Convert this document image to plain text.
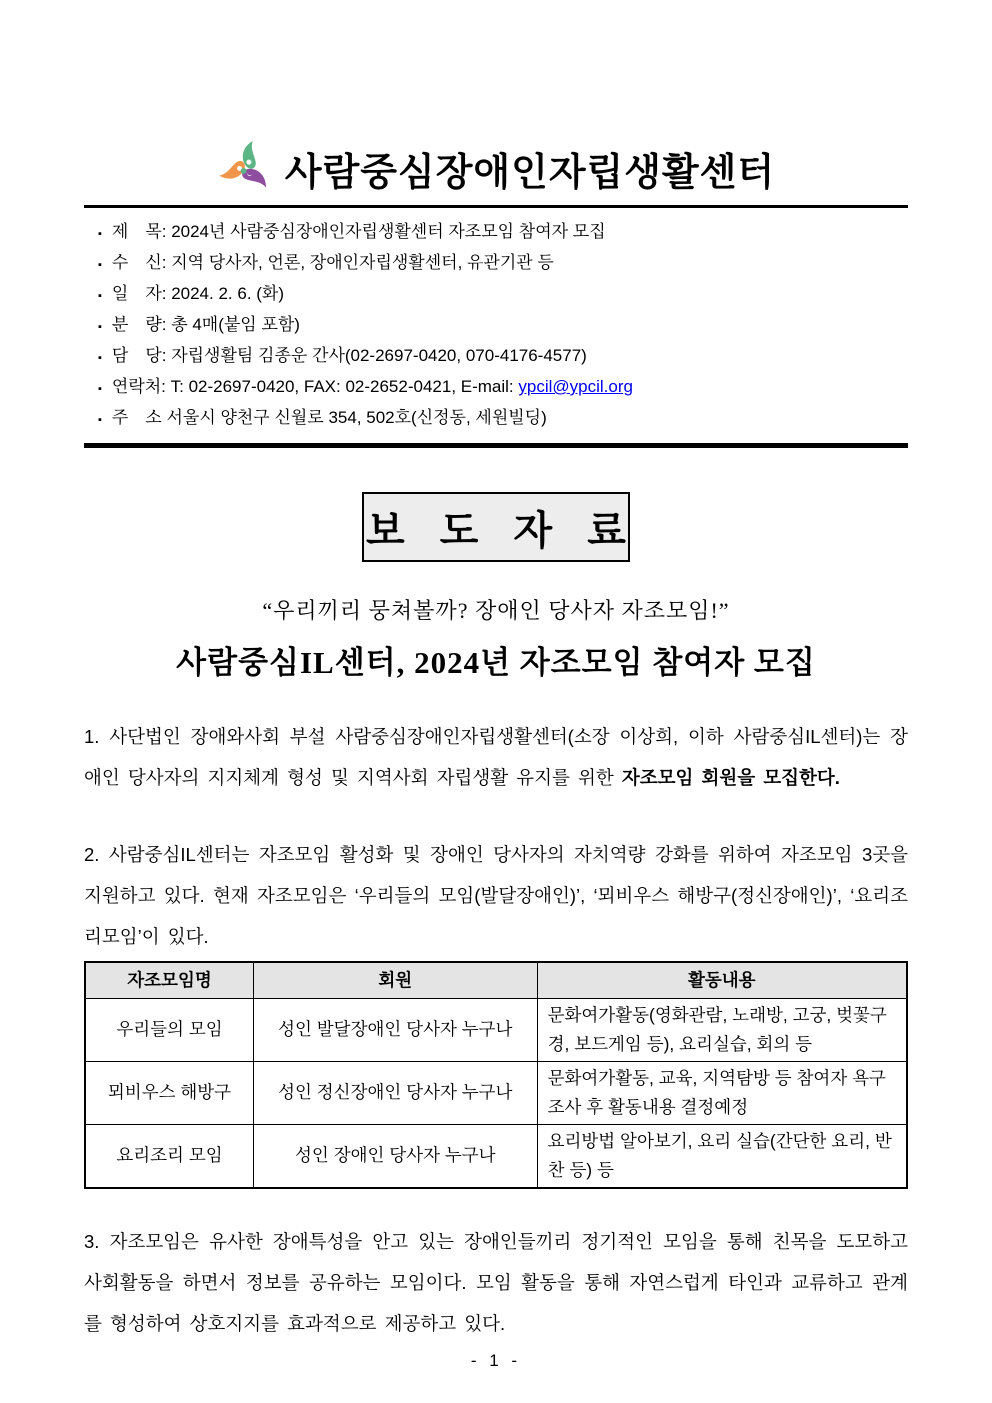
사람중심장애인자립생활센터
▪ 제　목: 2024년 사람중심장애인자립생활센터 자조모임 참여자 모집
▪ 수　신: 지역 당사자, 언론, 장애인자립생활센터, 유관기관 등
▪ 일　자: 2024. 2. 6. (화)
▪ 분　량: 총 4매(붙임 포함)
▪ 담　당: 자립생활팀 김종운 간사(02-2697-0420, 070-4176-4577)
▪ 연락처: T: 02-2697-0420, FAX: 02-2652-0421, E-mail: ypcil@ypcil.org
▪ 주　소 서울시 양천구 신월로 354, 502호(신정동, 세원빌딩)
보 도 자 료
“우리끼리 뭉쳐볼까? 장애인 당사자 자조모임!”
사람중심IL센터, 2024년 자조모임 참여자 모집

1. 사단법인 장애와사회 부설 사람중심장애인자립생활센터(소장 이상희, 이하 사람중심IL센터)는 장애인 당사자의 지지체계 형성 및 지역사회 자립생활 유지를 위한 자조모임 회원을 모집한다.

2. 사람중심IL센터는 자조모임 활성화 및 장애인 당사자의 자치역량 강화를 위하여 자조모임 3곳을 지원하고 있다. 현재 자조모임은 ‘우리들의 모임(발달장애인)’, ‘뫼비우스 해방구(정신장애인)’, ‘요리조리모임’이 있다.

자조모임명	회원	활동내용
우리들의 모임	성인 발달장애인 당사자 누구나	문화여가활동(영화관람, 노래방, 고궁, 벚꽃구경, 보드게임 등), 요리실습, 회의 등
뫼비우스 해방구	성인 정신장애인 당사자 누구나	문화여가활동, 교육, 지역탐방 등 참여자 욕구조사 후 활동내용 결정예정
요리조리 모임	성인 장애인 당사자 누구나	요리방법 알아보기, 요리 실습(간단한 요리, 반찬 등) 등

3. 자조모임은 유사한 장애특성을 안고 있는 장애인들끼리 정기적인 모임을 통해 친목을 도모하고 사회활동을 하면서 정보를 공유하는 모임이다. 모임 활동을 통해 자연스럽게 타인과 교류하고 관계를 형성하여 상호지지를 효과적으로 제공하고 있다.

- 1 -
